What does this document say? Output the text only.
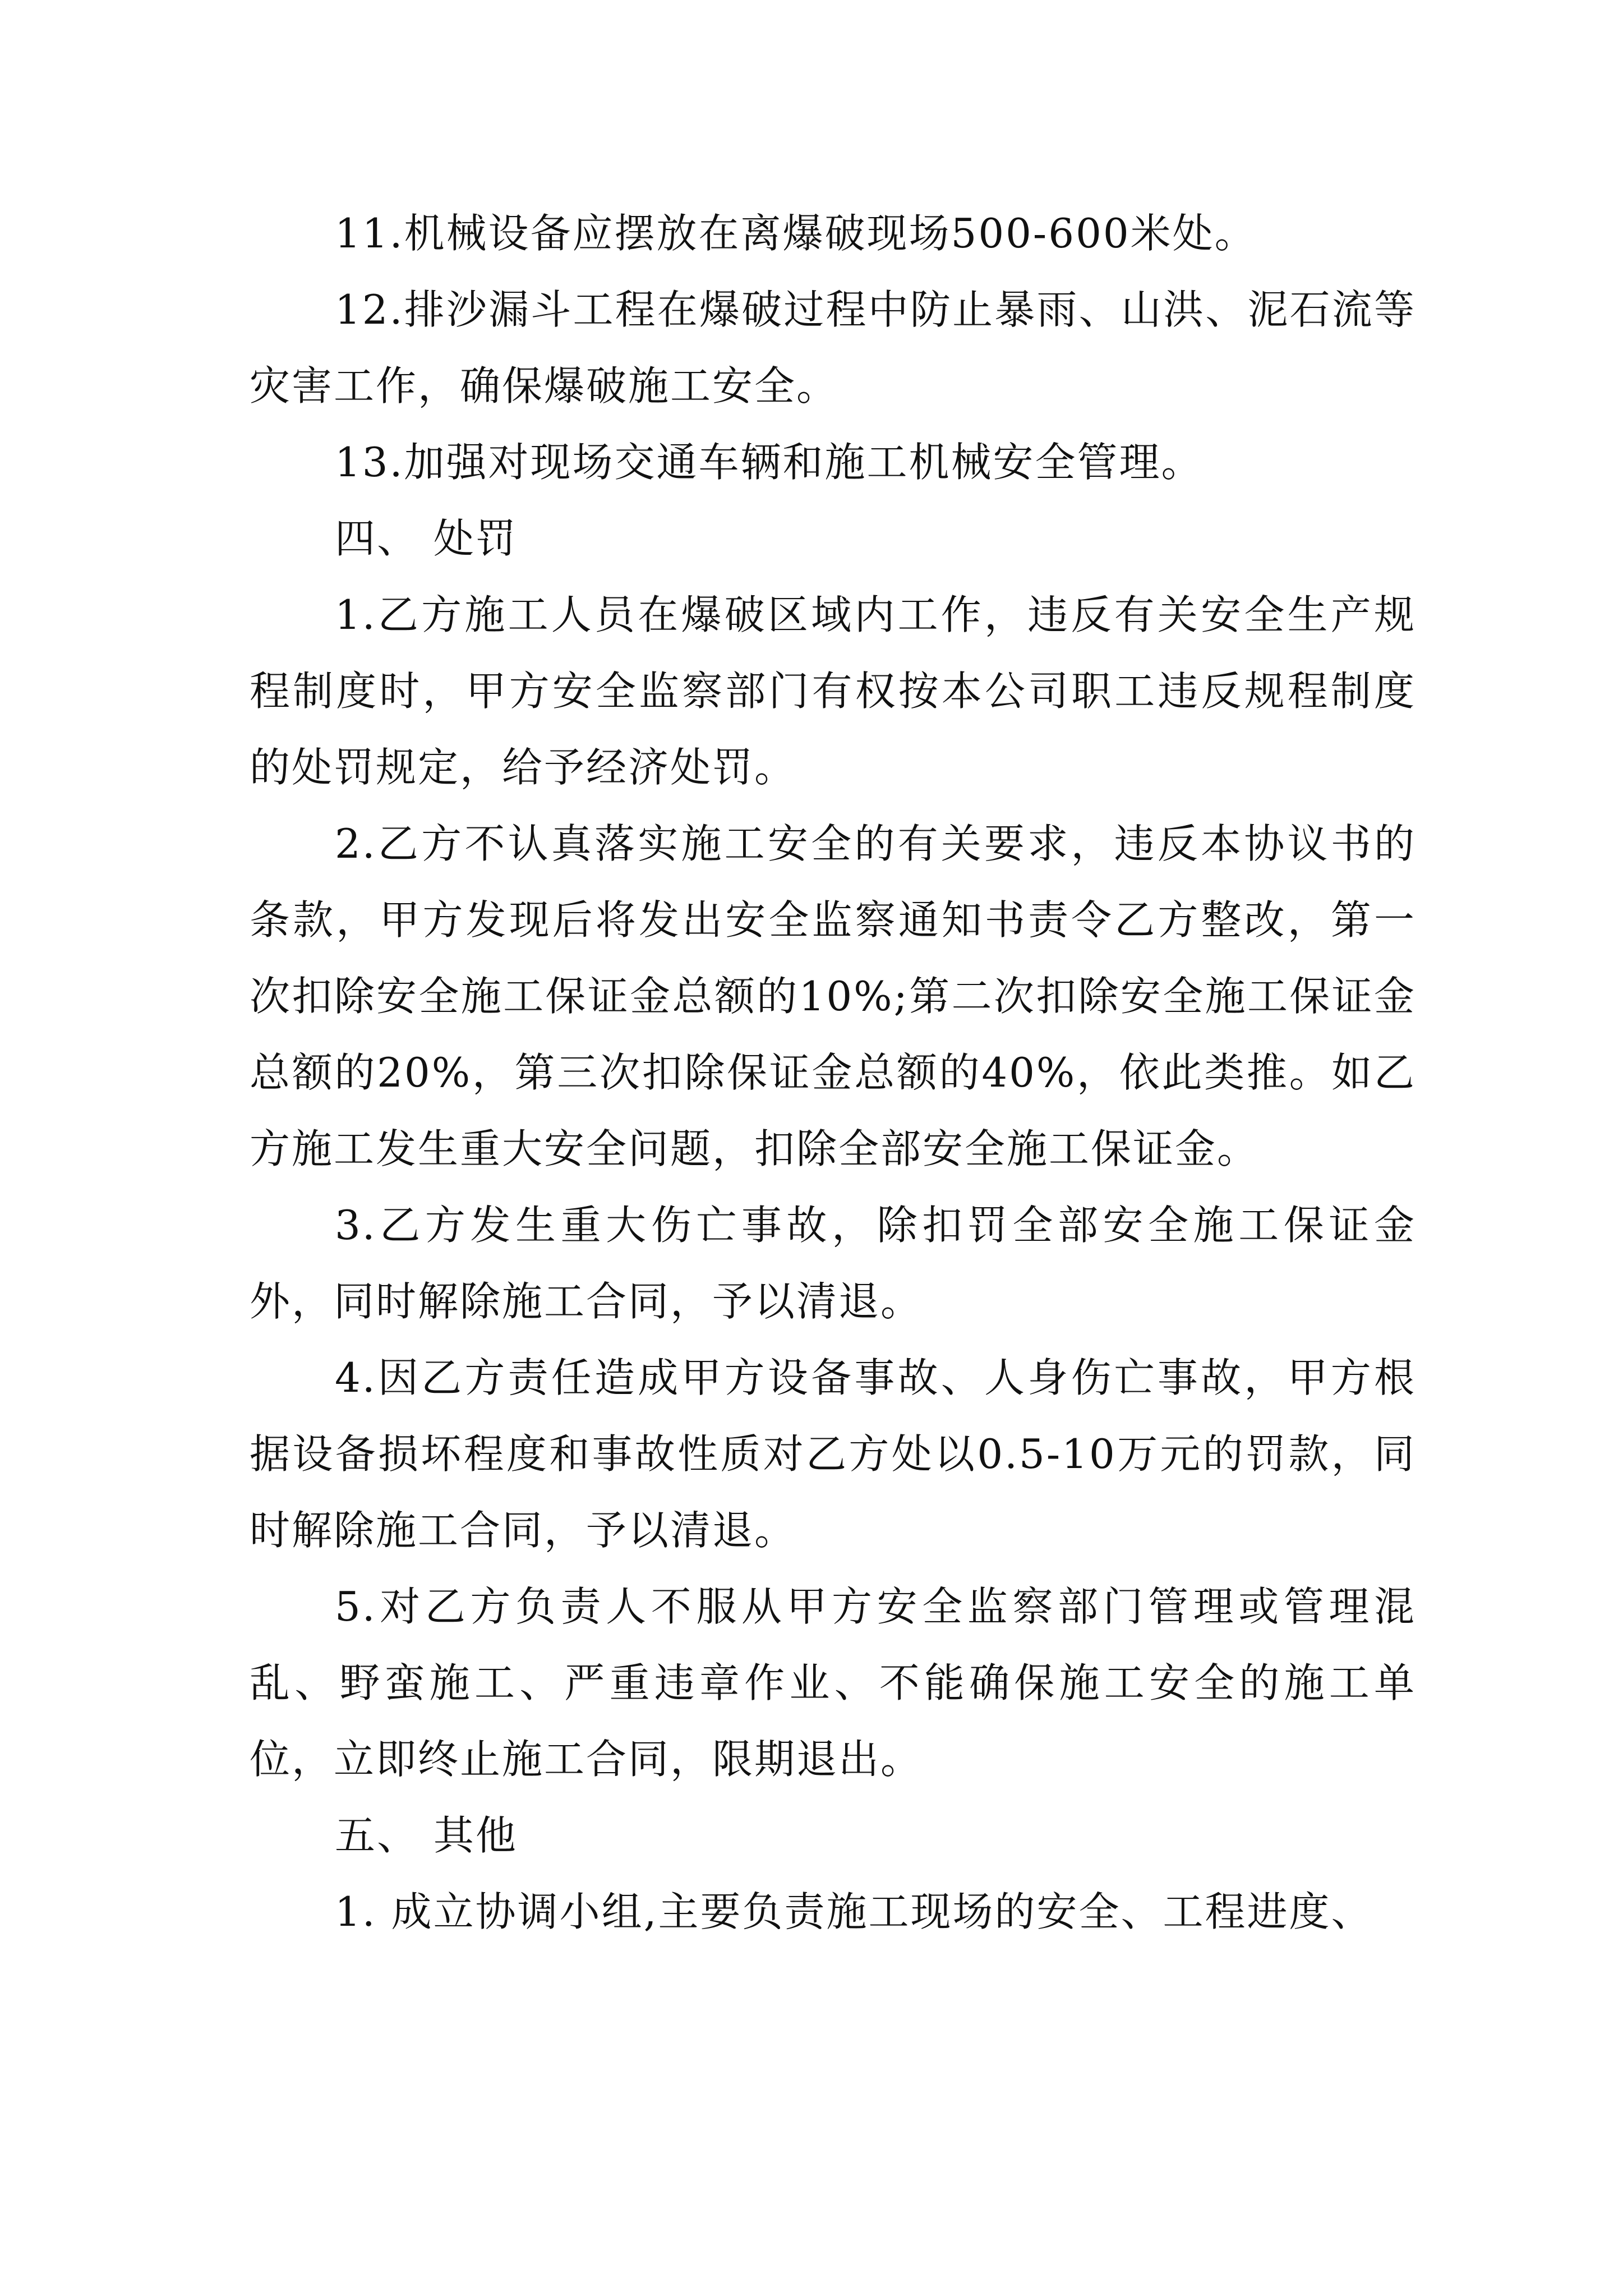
11.机械设备应摆放在离爆破现场500-600米处。

12.排沙漏斗工程在爆破过程中防止暴雨、山洪、泥石流等灾害工作，确保爆破施工安全。

13.加强对现场交通车辆和施工机械安全管理。

四、 处罚

1.乙方施工人员在爆破区域内工作，违反有关安全生产规程制度时，甲方安全监察部门有权按本公司职工违反规程制度的处罚规定，给予经济处罚。

2.乙方不认真落实施工安全的有关要求，违反本协议书的条款，甲方发现后将发出安全监察通知书责令乙方整改，第一次扣除安全施工保证金总额的10%;第二次扣除安全施工保证金总额的20%，第三次扣除保证金总额的40%，依此类推。如乙方施工发生重大安全问题，扣除全部安全施工保证金。

3.乙方发生重大伤亡事故，除扣罚全部安全施工保证金外，同时解除施工合同，予以清退。

4.因乙方责任造成甲方设备事故、人身伤亡事故，甲方根据设备损坏程度和事故性质对乙方处以0.5-10万元的罚款，同时解除施工合同，予以清退。

5.对乙方负责人不服从甲方安全监察部门管理或管理混乱、野蛮施工、严重违章作业、不能确保施工安全的施工单位，立即终止施工合同，限期退出。

五、 其他

1. 成立协调小组,主要负责施工现场的安全、工程进度、
